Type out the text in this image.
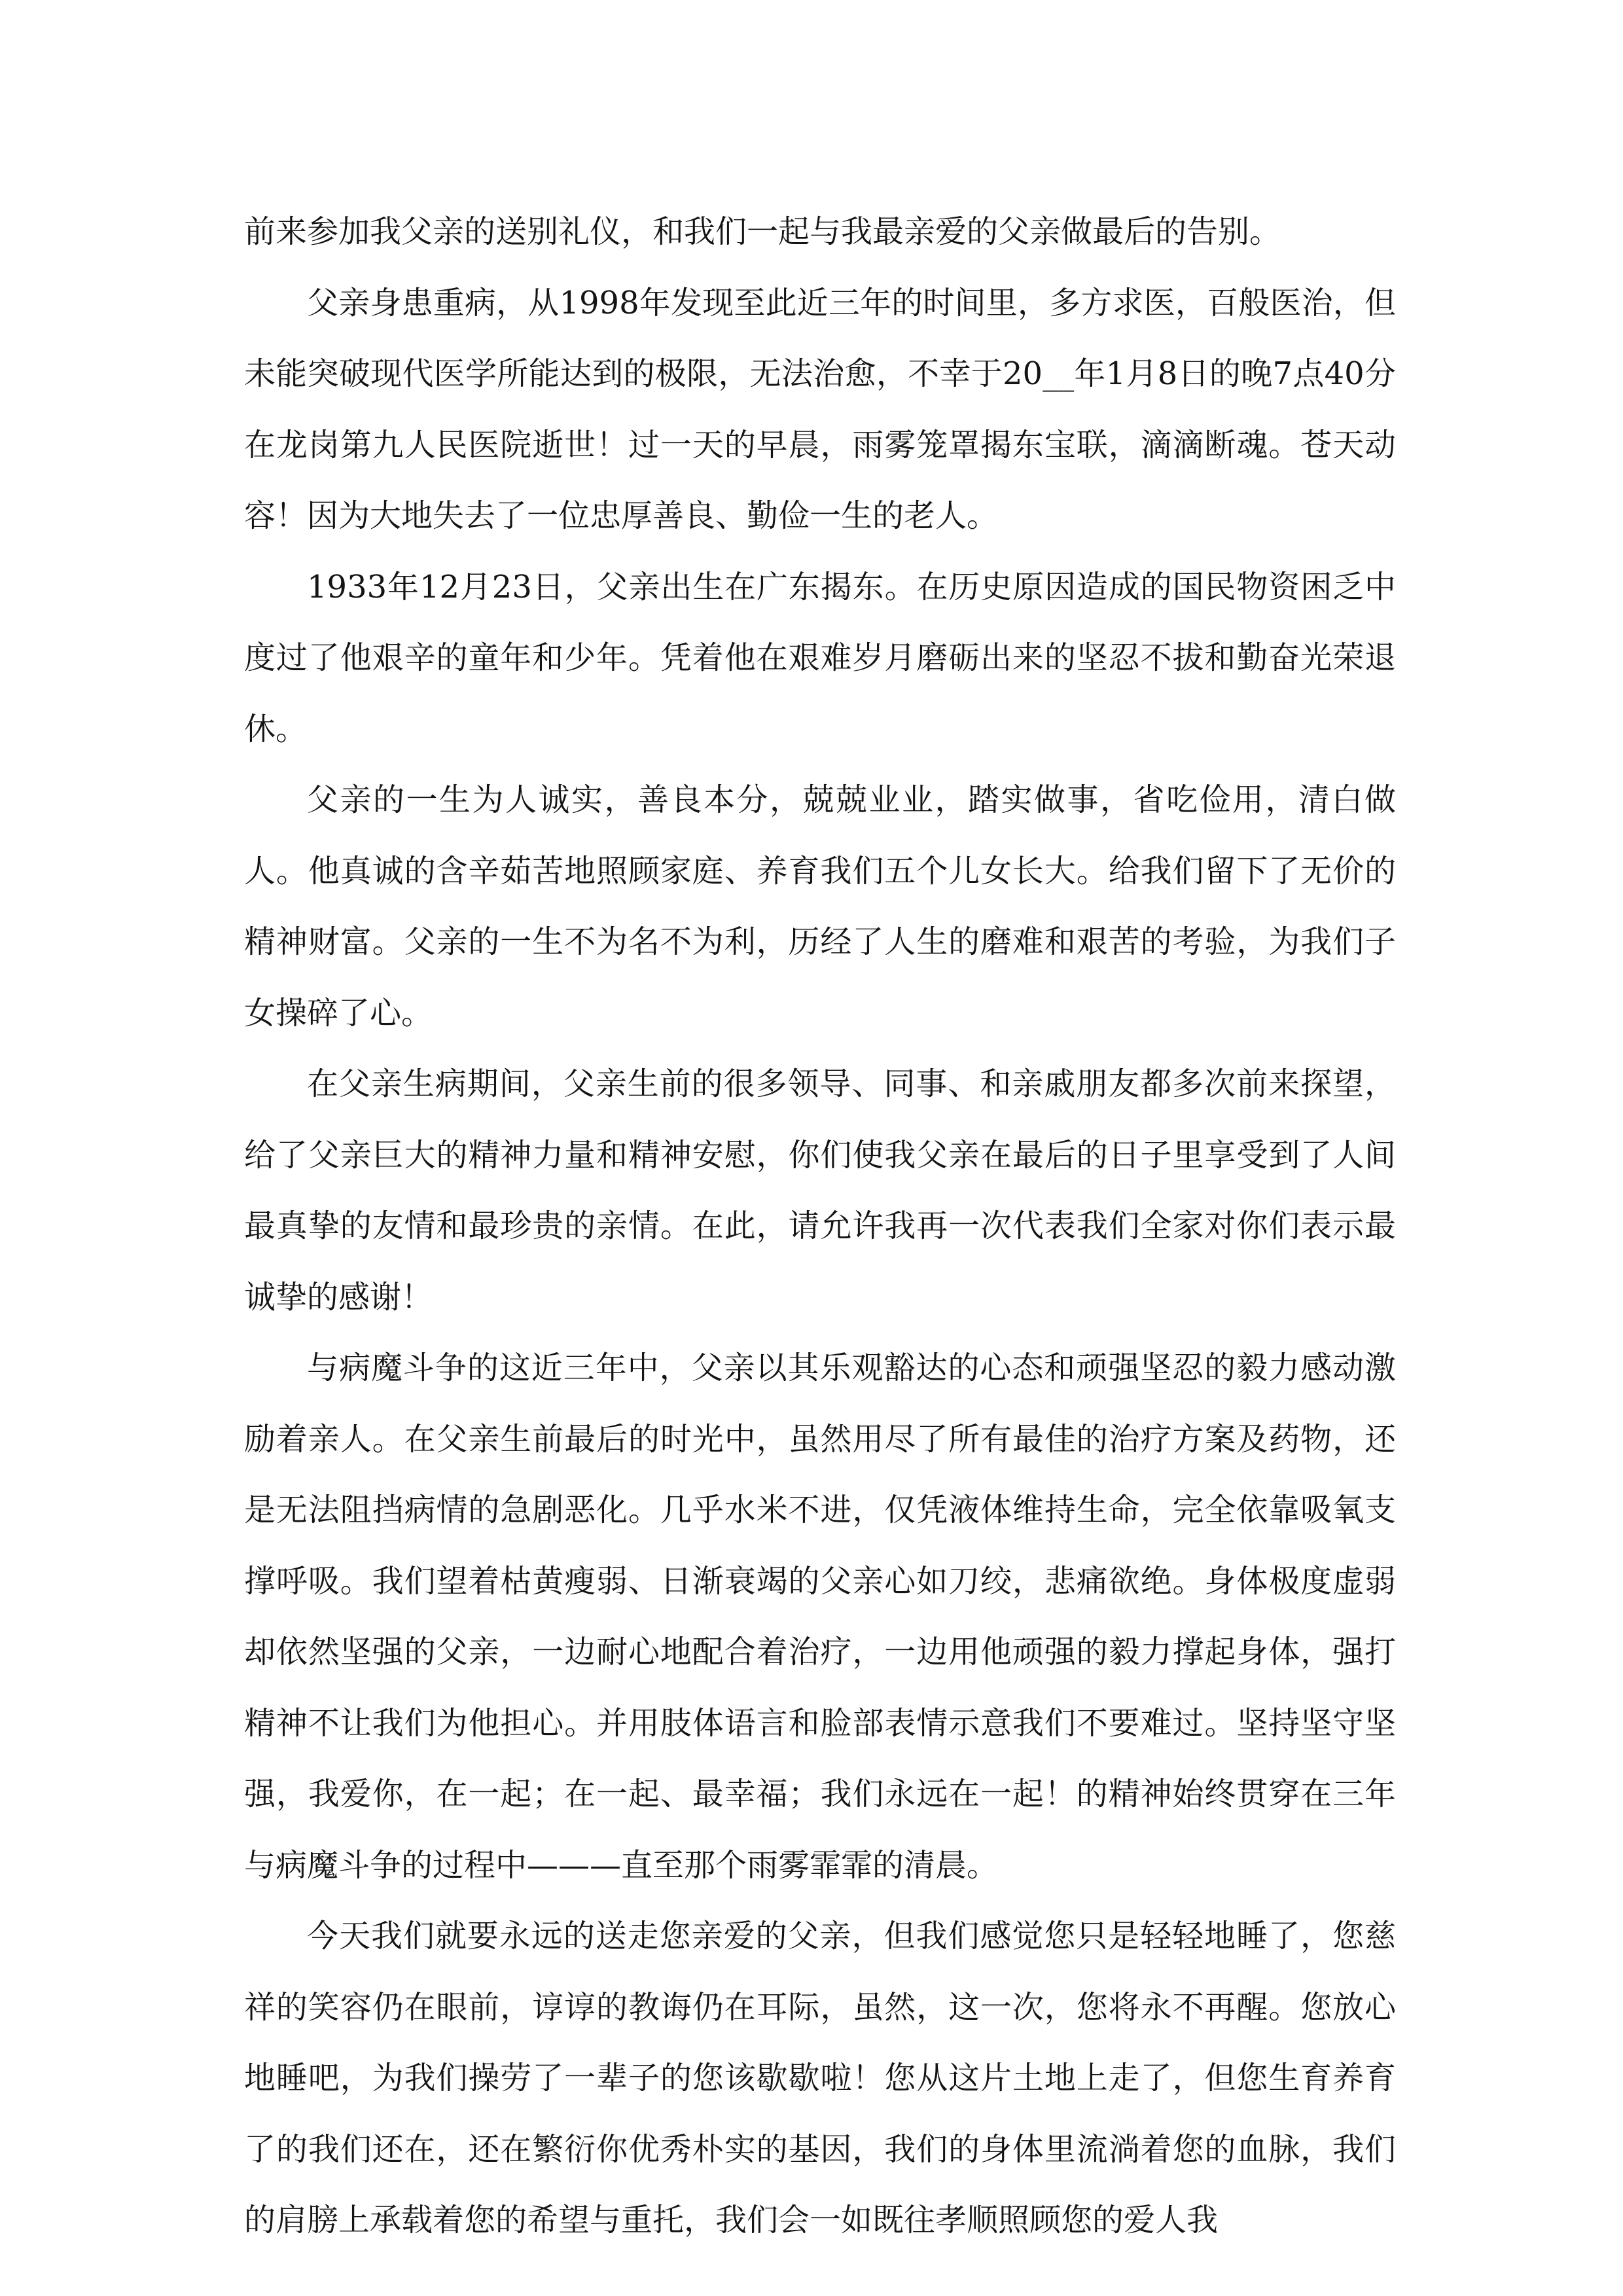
前来参加我父亲的送别礼仪，和我们一起与我最亲爱的父亲做最后的告别。

父亲身患重病，从1998年发现至此近三年的时间里，多方求医，百般医治，但未能突破现代医学所能达到的极限，无法治愈，不幸于20__年1月8日的晚7点40分在龙岗第九人民医院逝世！过一天的早晨，雨雾笼罩揭东宝联，滴滴断魂。苍天动容！因为大地失去了一位忠厚善良、勤俭一生的老人。

1933年12月23日，父亲出生在广东揭东。在历史原因造成的国民物资困乏中度过了他艰辛的童年和少年。凭着他在艰难岁月磨砺出来的坚忍不拔和勤奋光荣退休。

父亲的一生为人诚实，善良本分，兢兢业业，踏实做事，省吃俭用，清白做人。他真诚的含辛茹苦地照顾家庭、养育我们五个儿女长大。给我们留下了无价的精神财富。父亲的一生不为名不为利，历经了人生的磨难和艰苦的考验，为我们子女操碎了心。

在父亲生病期间，父亲生前的很多领导、同事、和亲戚朋友都多次前来探望，给了父亲巨大的精神力量和精神安慰，你们使我父亲在最后的日子里享受到了人间最真挚的友情和最珍贵的亲情。在此，请允许我再一次代表我们全家对你们表示最诚挚的感谢！

与病魔斗争的这近三年中，父亲以其乐观豁达的心态和顽强坚忍的毅力感动激励着亲人。在父亲生前最后的时光中，虽然用尽了所有最佳的治疗方案及药物，还是无法阻挡病情的急剧恶化。几乎水米不进，仅凭液体维持生命，完全依靠吸氧支撑呼吸。我们望着枯黄瘦弱、日渐衰竭的父亲心如刀绞，悲痛欲绝。身体极度虚弱却依然坚强的父亲，一边耐心地配合着治疗，一边用他顽强的毅力撑起身体，强打精神不让我们为他担心。并用肢体语言和脸部表情示意我们不要难过。坚持坚守坚强，我爱你，在一起；在一起、最幸福；我们永远在一起！的精神始终贯穿在三年与病魔斗争的过程中———直至那个雨雾霏霏的清晨。

今天我们就要永远的送走您亲爱的父亲，但我们感觉您只是轻轻地睡了，您慈祥的笑容仍在眼前，谆谆的教诲仍在耳际，虽然，这一次，您将永不再醒。您放心地睡吧，为我们操劳了一辈子的您该歇歇啦！您从这片土地上走了，但您生育养育了的我们还在，还在繁衍你优秀朴实的基因，我们的身体里流淌着您的血脉，我们的肩膀上承载着您的希望与重托，我们会一如既往孝顺照顾您的爱人我
